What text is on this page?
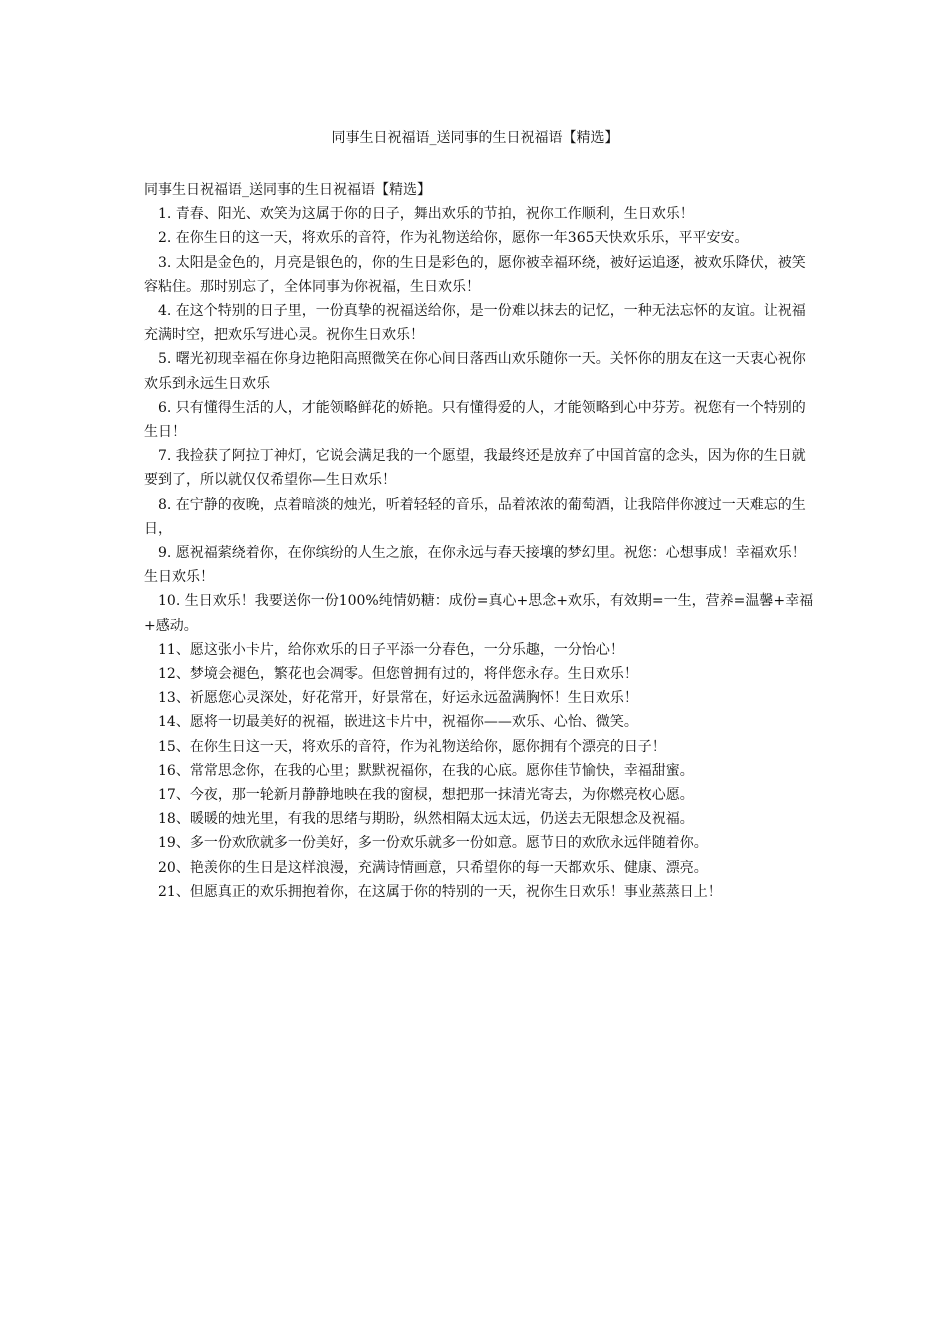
同事生日祝福语_送同事的生日祝福语【精选】

同事生日祝福语_送同事的生日祝福语【精选】

1. 青春、阳光、欢笑为这属于你的日子，舞出欢乐的节拍，祝你工作顺利，生日欢乐！

2. 在你生日的这一天，将欢乐的音符，作为礼物送给你，愿你一年365天快欢乐乐，平平安安。

3. 太阳是金色的，月亮是银色的，你的生日是彩色的，愿你被幸福环绕，被好运追逐，被欢乐降伏，被笑容粘住。那时别忘了，全体同事为你祝福，生日欢乐！

4. 在这个特别的日子里，一份真挚的祝福送给你，是一份难以抹去的记忆，一种无法忘怀的友谊。让祝福充满时空，把欢乐写进心灵。祝你生日欢乐！

5. 曙光初现幸福在你身边艳阳高照微笑在你心间日落西山欢乐随你一天。关怀你的朋友在这一天衷心祝你欢乐到永远生日欢乐

6. 只有懂得生活的人，才能领略鲜花的娇艳。只有懂得爱的人，才能领略到心中芬芳。祝您有一个特别的生日！

7. 我捡获了阿拉丁神灯，它说会满足我的一个愿望，我最终还是放弃了中国首富的念头，因为你的生日就要到了，所以就仅仅希望你—生日欢乐！

8. 在宁静的夜晚，点着暗淡的烛光，听着轻轻的音乐，品着浓浓的葡萄酒，让我陪伴你渡过一天难忘的生日，

9. 愿祝福萦绕着你，在你缤纷的人生之旅，在你永远与春天接壤的梦幻里。祝您：心想事成！幸福欢乐！生日欢乐！

10. 生日欢乐！我要送你一份100%纯情奶糖：成份=真心+思念+欢乐，有效期=一生，营养=温馨+幸福+感动。

11、愿这张小卡片，给你欢乐的日子平添一分春色，一分乐趣，一分怡心！

12、梦境会褪色，繁花也会凋零。但您曾拥有过的，将伴您永存。生日欢乐！

13、祈愿您心灵深处，好花常开，好景常在，好运永远盈满胸怀！生日欢乐！

14、愿将一切最美好的祝福，嵌进这卡片中，祝福你——欢乐、心怡、微笑。

15、在你生日这一天，将欢乐的音符，作为礼物送给你，愿你拥有个漂亮的日子！

16、常常思念你，在我的心里；默默祝福你，在我的心底。愿你佳节愉快，幸福甜蜜。

17、今夜，那一轮新月静静地映在我的窗棂，想把那一抹清光寄去，为你燃亮枚心愿。

18、暖暖的烛光里，有我的思绪与期盼，纵然相隔太远太远，仍送去无限想念及祝福。

19、多一份欢欣就多一份美好，多一份欢乐就多一份如意。愿节日的欢欣永远伴随着你。

20、艳羡你的生日是这样浪漫，充满诗情画意，只希望你的每一天都欢乐、健康、漂亮。

21、但愿真正的欢乐拥抱着你，在这属于你的特别的一天，祝你生日欢乐！事业蒸蒸日上！
